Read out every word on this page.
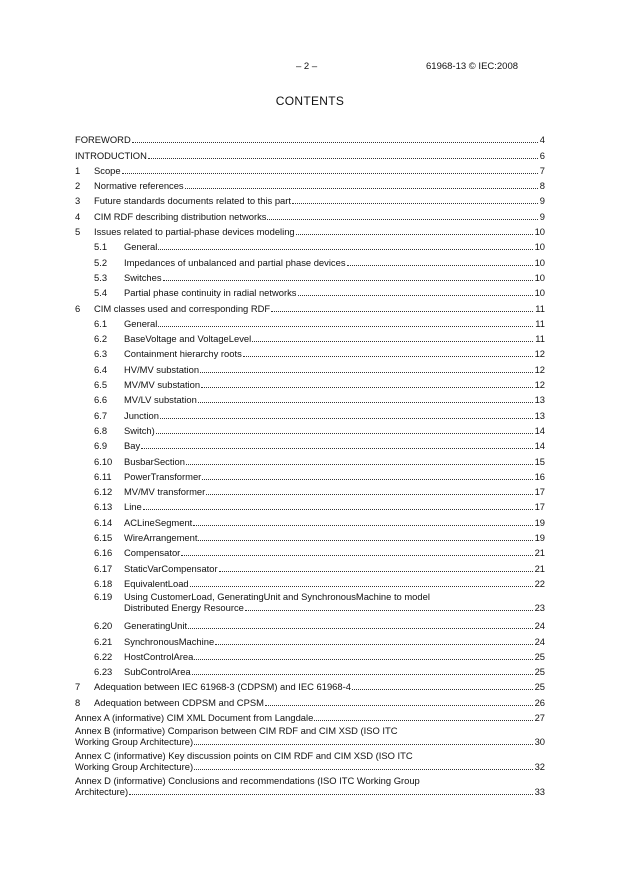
– 2 –	61968-13 © IEC:2008
CONTENTS
FOREWORD	4
INTRODUCTION	6
1	Scope	7
2	Normative references	8
3	Future standards documents related to this part	9
4	CIM RDF describing distribution networks	9
5	Issues related to partial-phase devices modeling	10
5.1	General	10
5.2	Impedances of unbalanced and partial phase devices	10
5.3	Switches	10
5.4	Partial phase continuity in radial networks	10
6	CIM classes used and corresponding RDF	11
6.1	General	11
6.2	BaseVoltage and VoltageLevel	11
6.3	Containment hierarchy roots	12
6.4	HV/MV substation	12
6.5	MV/MV substation	12
6.6	MV/LV substation	13
6.7	Junction	13
6.8	Switch)	14
6.9	Bay	14
6.10	BusbarSection	15
6.11	PowerTransformer	16
6.12	MV/MV transformer	17
6.13	Line	17
6.14	ACLineSegment	19
6.15	WireArrangement	19
6.16	Compensator	21
6.17	StaticVarCompensator	21
6.18	EquivalentLoad	22
6.19	Using CustomerLoad, GeneratingUnit and SynchronousMachine to model
Distributed Energy Resource	23
6.20	GeneratingUnit	24
6.21	SynchronousMachine	24
6.22	HostControlArea	25
6.23	SubControlArea	25
7	Adequation between IEC 61968-3 (CDPSM) and IEC 61968-4	25
8	Adequation between CDPSM and CPSM	26
Annex A (informative) CIM XML Document from Langdale	27
Annex B (informative) Comparison between CIM RDF and CIM XSD (ISO ITC
Working Group Architecture)	30
Annex C (informative) Key discussion points on CIM RDF and CIM XSD (ISO ITC
Working Group Architecture)	32
Annex D (informative) Conclusions and recommendations (ISO ITC Working Group
Architecture)	33
